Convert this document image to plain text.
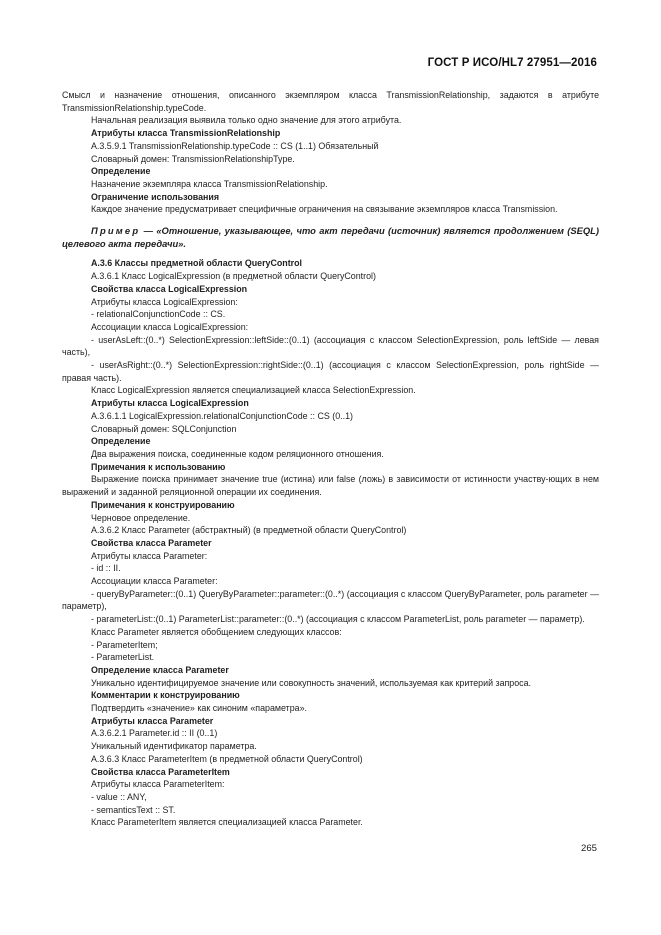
ГОСТ Р ИСО/HL7 27951—2016

Смысл и назначение отношения, описанного экземпляром класса TransmissionRelationship, задаются в атрибуте TransmissionRelationship.typeCode.

Начальная реализация выявила только одно значение для этого атрибута.

Атрибуты класса TransmissionRelationship

A.3.5.9.1 TransmissionRelationship.typeCode :: CS (1..1) Обязательный

Словарный домен: TransmissionRelationshipType.

Определение

Назначение экземпляра класса TransmissionRelationship.

Ограничение использования

Каждое значение предусматривает специфичные ограничения на связывание экземпляров класса Transmission.

Пример — «Отношение, указывающее, что акт передачи (источник) является продолжением (SEQL) целевого акта передачи».

A.3.6 Классы предметной области QueryControl

A.3.6.1 Класс LogicalExpression (в предметной области QueryControl)

Свойства класса LogicalExpression

Атрибуты класса LogicalExpression:

- relationalConjunctionCode :: CS.

Ассоциации класса LogicalExpression:

- userAsLeft::(0..*) SelectionExpression::leftSide::(0..1) (ассоциация с классом SelectionExpression, роль leftSide — левая часть),

- userAsRight::(0..*) SelectionExpression::rightSide::(0..1) (ассоциация с классом SelectionExpression, роль rightSide — правая часть).

Класс LogicalExpression является специализацией класса SelectionExpression.

Атрибуты класса LogicalExpression

A.3.6.1.1 LogicalExpression.relationalConjunctionCode :: CS (0..1)

Словарный домен: SQLConjunction

Определение

Два выражения поиска, соединенные кодом реляционного отношения.

Примечания к использованию

Выражение поиска принимает значение true (истина) или false (ложь) в зависимости от истинности участву-ющих в нем выражений и заданной реляционной операции их соединения.

Примечания к конструированию

Черновое определение.

A.3.6.2 Класс Parameter (абстрактный) (в предметной области QueryControl)

Свойства класса Parameter

Атрибуты класса Parameter:

- id :: II.

Ассоциации класса Parameter:

- queryByParameter::(0..1) QueryByParameter::parameter::(0..*) (ассоциация с классом QueryByParameter, роль parameter — параметр),

- parameterList::(0..1) ParameterList::parameter::(0..*) (ассоциация с классом ParameterList, роль parameter — параметр).

Класс Parameter является обобщением следующих классов:

- ParameterItem;

- ParameterList.

Определение класса Parameter

Уникально идентифицируемое значение или совокупность значений, используемая как критерий запроса.

Комментарии к конструированию

Подтвердить «значение» как синоним «параметра».

Атрибуты класса Parameter

A.3.6.2.1 Parameter.id :: II (0..1)

Уникальный идентификатор параметра.

A.3.6.3 Класс ParameterItem (в предметной области QueryControl)

Свойства класса ParameterItem

Атрибуты класса ParameterItem:

- value :: ANY,

- semanticsText :: ST.

Класс ParameterItem является специализацией класса Parameter.

265
